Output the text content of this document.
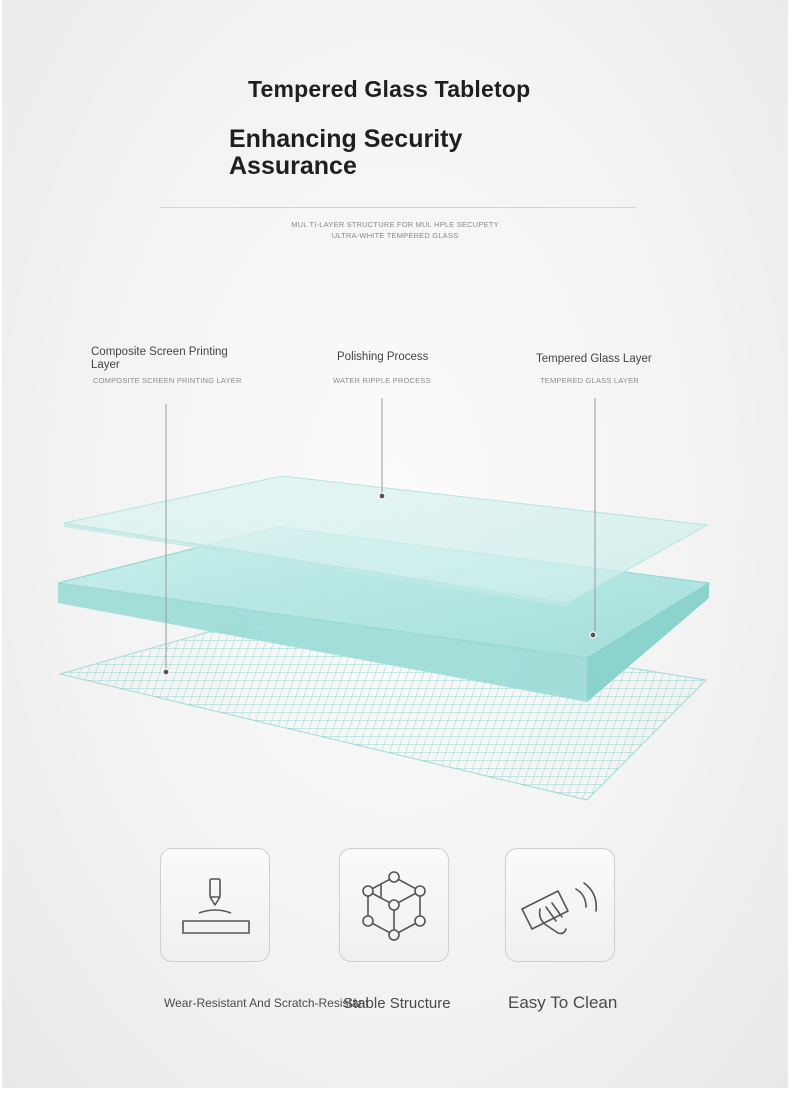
Tempered Glass Tabletop
Enhancing Security Assurance
MUL TI-LAYER STRUCTURE FOR MUL HPLE SECUPETY
ULTRA-WHITE TEMPERED GLASS
Composite Screen Printing Layer
COMPOSITE SCREEN PRINTING LAYER
Polishing Process
WATER RIPPLE PROCESS
Tempered Glass Layer
TEMPERED GLASS LAYER
Wear-Resistant And Scratch-Resistant
Stable Structure	Easy To Clean
